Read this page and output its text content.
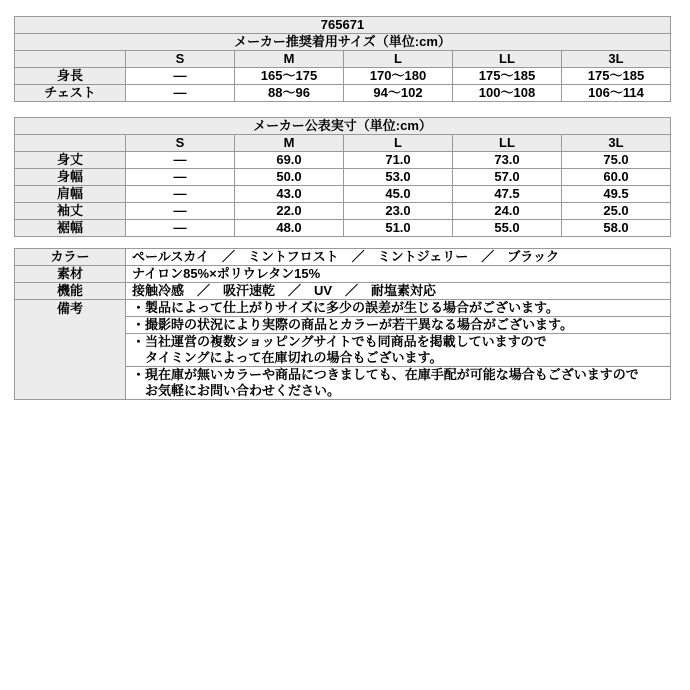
765671					
メーカー推奨着用サイズ（単位:cm）					
	S	M	L	LL	3L
身長	—	165～175	170～180	175～185	175～185
チェスト	—	88～96	94～102	100～108	106～114
メーカー公表実寸（単位:cm）					
	S	M	L	LL	3L
身丈	—	69.0	71.0	73.0	75.0
身幅	—	50.0	53.0	57.0	60.0
肩幅	—	43.0	45.0	47.5	49.5
袖丈	—	22.0	23.0	24.0	25.0
裾幅	—	48.0	51.0	55.0	58.0
カラー	ペールスカイ　／　ミントフロスト　／　ミントジェリー　／　ブラック
素材	ナイロン85%×ポリウレタン15%
機能	接触冷感　／　吸汗速乾　／　UV　／　耐塩素対応
備考	・製品によって仕上がりサイズに多少の誤差が生じる場合がございます。

	・撮影時の状況により実際の商品とカラーが若干異なる場合がございます。

	・当社運営の複数ショッピングサイトでも同商品を掲載していますので
タイミングによって在庫切れの場合もございます。

	・現在庫が無いカラーや商品につきましても、在庫手配が可能な場合もございますので
お気軽にお問い合わせください。
